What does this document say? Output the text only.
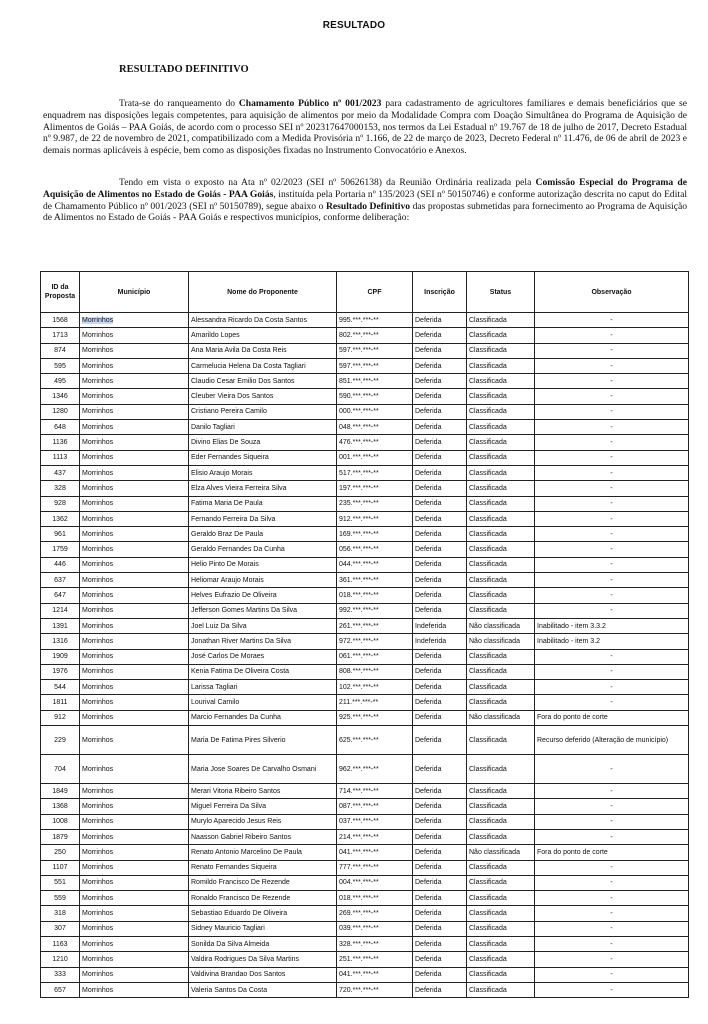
RESULTADO
RESULTADO DEFINITIVO

Trata-se do ranqueamento do Chamamento Público nº 001/2023 para cadastramento de agricultores familiares e demais beneficiários que se enquadrem nas disposições legais competentes, para aquisição de alimentos por meio da Modalidade Compra com Doação Simultânea do Programa de Aquisição de Alimentos de Goiás – PAA Goiás, de acordo com o processo SEI nº 202317647000153, nos termos da Lei Estadual nº 19.767 de 18 de julho de 2017, Decreto Estadual nº 9.987, de 22 de novembro de 2021, compatibilizado com a Medida Provisória nº 1.166, de 22 de março de 2023, Decreto Federal nº 11.476, de 06 de abril de 2023 e demais normas aplicáveis à espécie, bem como as disposições fixadas no Instrumento Convocatório e Anexos.

Tendo em vista o exposto na Ata nº 02/2023 (SEI nº 50626138) da Reunião Ordinária realizada pela Comissão Especial do Programa de Aquisição de Alimentos no Estado de Goiás - PAA Goiás, instituída pela Portaria nº 135/2023 (SEI nº 50150746) e conforme autorização descrita no caput do Edital de Chamamento Público nº 001/2023 (SEI nº 50150789), segue abaixo o Resultado Definitivo das propostas submetidas para fornecimento ao Programa de Aquisição de Alimentos no Estado de Goiás - PAA Goiás e respectivos municípios, conforme deliberação:

ID da Proposta	Município	Nome do Proponente	CPF	Inscrição	Status	Observação
1568	Morrinhos	Alessandra Ricardo Da Costa Santos	995.***.***-**	Deferida	Classificada	-
1713	Morrinhos	Amarildo Lopes	802.***.***-**	Deferida	Classificada	-
874	Morrinhos	Ana Maria Avila Da Costa Reis	597.***.***-**	Deferida	Classificada	-
595	Morrinhos	Carmelucia Helena Da Costa Tagliari	597.***.***-**	Deferida	Classificada	-
495	Morrinhos	Claudio Cesar Emilio Dos Santos	851.***.***-**	Deferida	Classificada	-
1346	Morrinhos	Cleuber Vieira Dos Santos	590.***.***-**	Deferida	Classificada	-
1280	Morrinhos	Cristiano Pereira Camilo	000.***.***-**	Deferida	Classificada	-
648	Morrinhos	Danilo Tagliari	048.***.***-**	Deferida	Classificada	-
1136	Morrinhos	Divino Elias De Souza	476.***.***-**	Deferida	Classificada	-
1113	Morrinhos	Eder Fernandes Siqueira	001.***.***-**	Deferida	Classificada	-
437	Morrinhos	Elisio Araujo Morais	517.***.***-**	Deferida	Classificada	-
328	Morrinhos	Elza Alves Vieira Ferreira Silva	197.***.***-**	Deferida	Classificada	-
928	Morrinhos	Fatima Maria De Paula	235.***.***-**	Deferida	Classificada	-
1362	Morrinhos	Fernando Ferreira Da Silva	912.***.***-**	Deferida	Classificada	-
961	Morrinhos	Geraldo Braz De Paula	169.***.***-**	Deferida	Classificada	-
1759	Morrinhos	Geraldo Fernandes Da Cunha	056.***.***-**	Deferida	Classificada	-
446	Morrinhos	Helio Pinto De Morais	044.***.***-**	Deferida	Classificada	-
637	Morrinhos	Heliomar Araujo Morais	361.***.***-**	Deferida	Classificada	-
647	Morrinhos	Helves Eufrazio De Oliveira	018.***.***-**	Deferida	Classificada	-
1214	Morrinhos	Jefferson Gomes Martins Da Silva	992.***.***-**	Deferida	Classificada	-
1391	Morrinhos	Joel Luiz Da Silva	261.***.***-**	Indeferida	Não classificada	Inabilitado - item 3.3.2
1316	Morrinhos	Jonathan River Martins Da Silva	972.***.***-**	Indeferida	Não classificada	Inabilitado - item 3.2
1909	Morrinhos	José Carlos De Moraes	061.***.***-**	Deferida	Classificada	-
1976	Morrinhos	Kenia Fatima De Oliveira Costa	808.***.***-**	Deferida	Classificada	-
544	Morrinhos	Larissa Tagliari	102.***.***-**	Deferida	Classificada	-
1811	Morrinhos	Lourival Camilo	211.***.***-**	Deferida	Classificada	-
912	Morrinhos	Marcio Fernandes Da Cunha	925.***.***-**	Deferida	Não classificada	Fora do ponto de corte
229	Morrinhos	Maria De Fatima Pires Silverio	625.***.***-**	Deferida	Classificada	Recurso deferido (Alteração de município)
704	Morrinhos	Maria Jose Soares De Carvalho Osmani	962.***.***-**	Deferida	Classificada	-
1849	Morrinhos	Merari Vitoria Ribeiro Santos	714.***.***-**	Deferida	Classificada	-
1368	Morrinhos	Miguel Ferreira Da Silva	087.***.***-**	Deferida	Classificada	-
1008	Morrinhos	Murylo Aparecido Jesus Reis	037.***.***-**	Deferida	Classificada	-
1879	Morrinhos	Naasson Gabriel Ribeiro Santos	214.***.***-**	Deferida	Classificada	-
250	Morrinhos	Renato Antonio Marcelino De Paula	041.***.***-**	Deferida	Não classificada	Fora do ponto de corte
1107	Morrinhos	Renato Fernandes Siqueira	777.***.***-**	Deferida	Classificada	-
551	Morrinhos	Romildo Francisco De Rezende	004.***.***-**	Deferida	Classificada	-
559	Morrinhos	Ronaldo Francisco De Rezende	018.***.***-**	Deferida	Classificada	-
318	Morrinhos	Sebastiao Eduardo De Oliveira	269.***.***-**	Deferida	Classificada	-
307	Morrinhos	Sidney Mauricio Tagliari	039.***.***-**	Deferida	Classificada	-
1163	Morrinhos	Sonilda Da Silva Almeida	328.***.***-**	Deferida	Classificada	-
1210	Morrinhos	Valdira Rodrigues Da Silva Martins	251.***.***-**	Deferida	Classificada	-
333	Morrinhos	Valdivina Brandao Dos Santos	041.***.***-**	Deferida	Classificada	-
657	Morrinhos	Valeria Santos Da Costa	720.***.***-**	Deferida	Classificada	-
